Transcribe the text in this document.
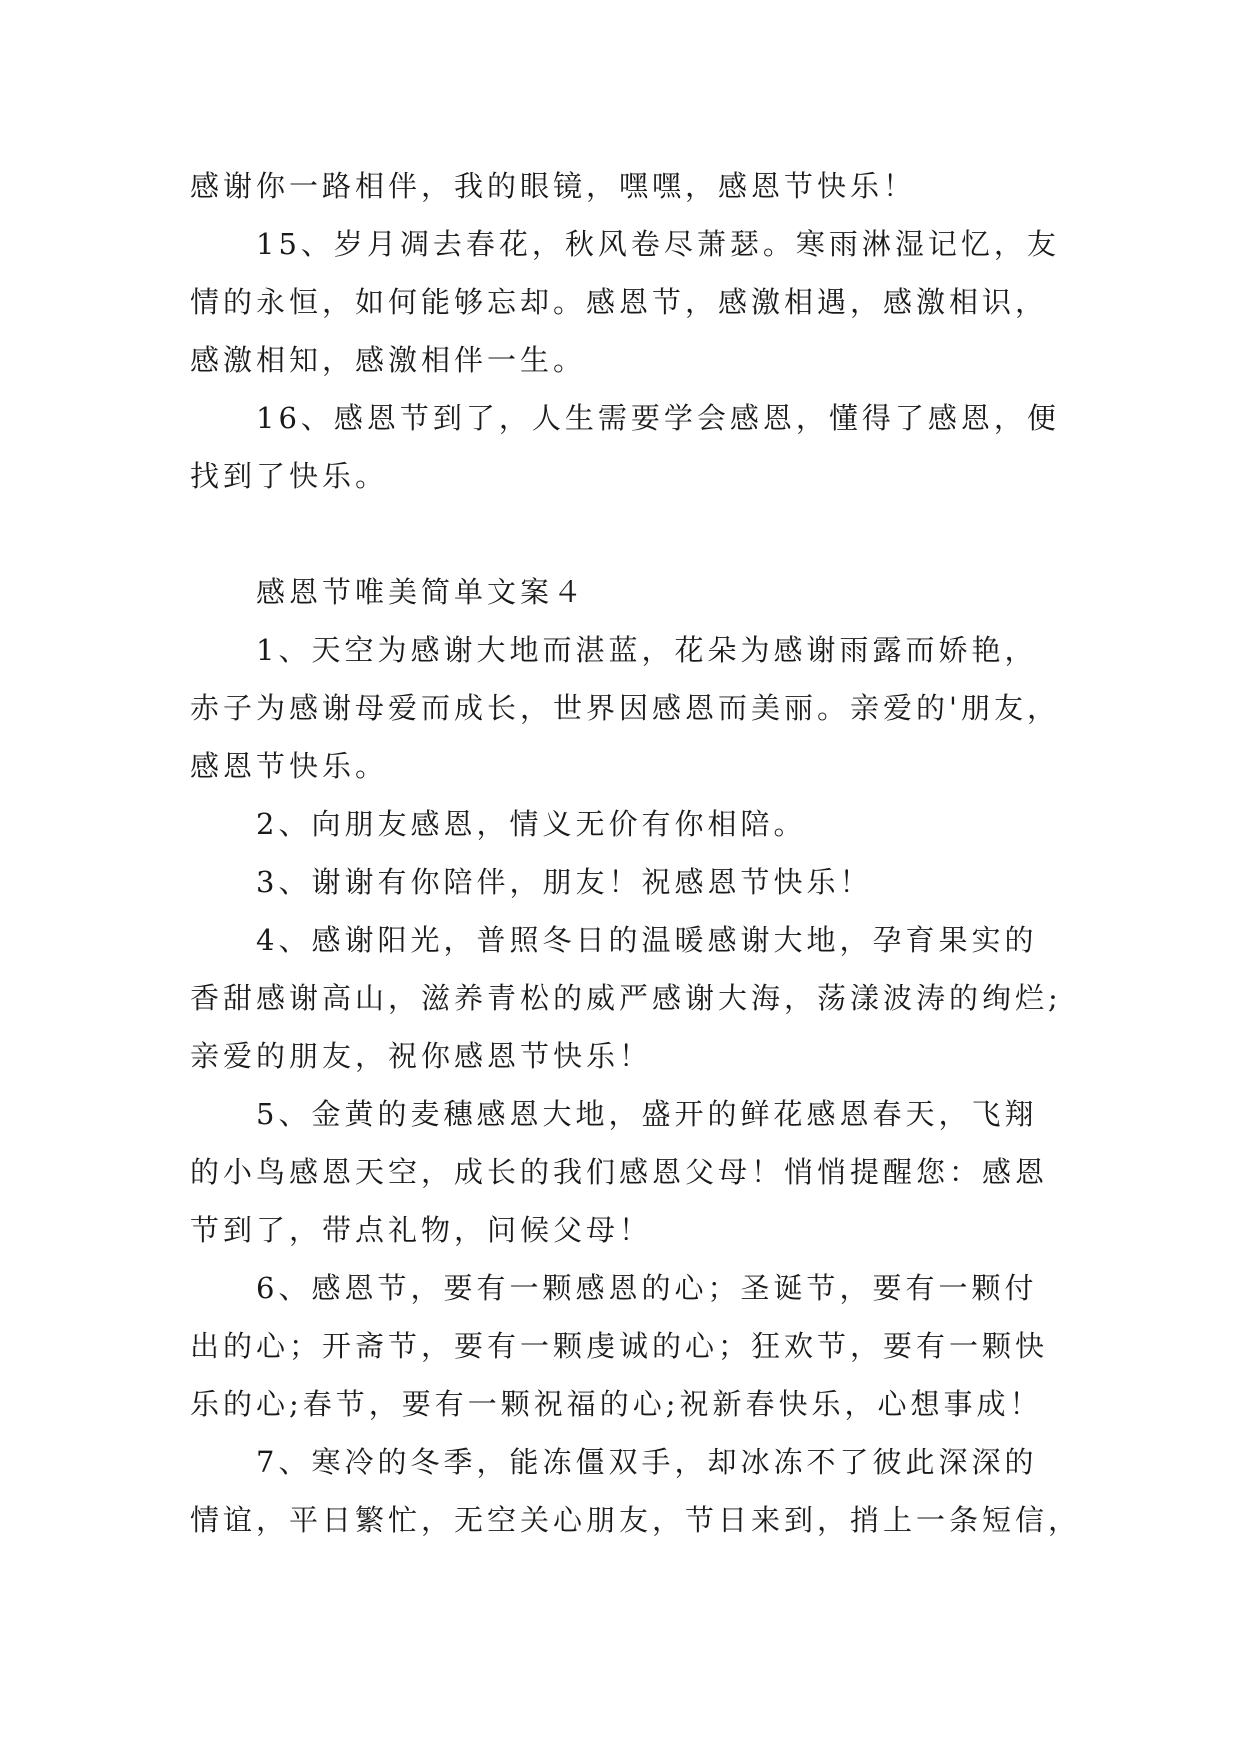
感谢你一路相伴，我的眼镜，嘿嘿，感恩节快乐！

15、岁月凋去春花，秋风卷尽萧瑟。寒雨淋湿记忆，友

情的永恒，如何能够忘却。感恩节，感激相遇，感激相识，

感激相知，感激相伴一生。

16、感恩节到了，人生需要学会感恩，懂得了感恩，便

找到了快乐。

感恩节唯美简单文案４

1、天空为感谢大地而湛蓝，花朵为感谢雨露而娇艳，

赤子为感谢母爱而成长，世界因感恩而美丽。亲爱的'朋友，

感恩节快乐。

2、向朋友感恩，情义无价有你相陪。

3、谢谢有你陪伴，朋友！祝感恩节快乐！

4、感谢阳光，普照冬日的温暖感谢大地，孕育果实的

香甜感谢高山，滋养青松的威严感谢大海，荡漾波涛的绚烂;

亲爱的朋友，祝你感恩节快乐！

5、金黄的麦穗感恩大地，盛开的鲜花感恩春天，飞翔

的小鸟感恩天空，成长的我们感恩父母！悄悄提醒您：感恩

节到了，带点礼物，问候父母！

6、感恩节，要有一颗感恩的心；圣诞节，要有一颗付

出的心；开斋节，要有一颗虔诚的心；狂欢节，要有一颗快

乐的心;春节，要有一颗祝福的心;祝新春快乐，心想事成！

7、寒冷的冬季，能冻僵双手，却冰冻不了彼此深深的

情谊，平日繁忙，无空关心朋友，节日来到，捎上一条短信，
